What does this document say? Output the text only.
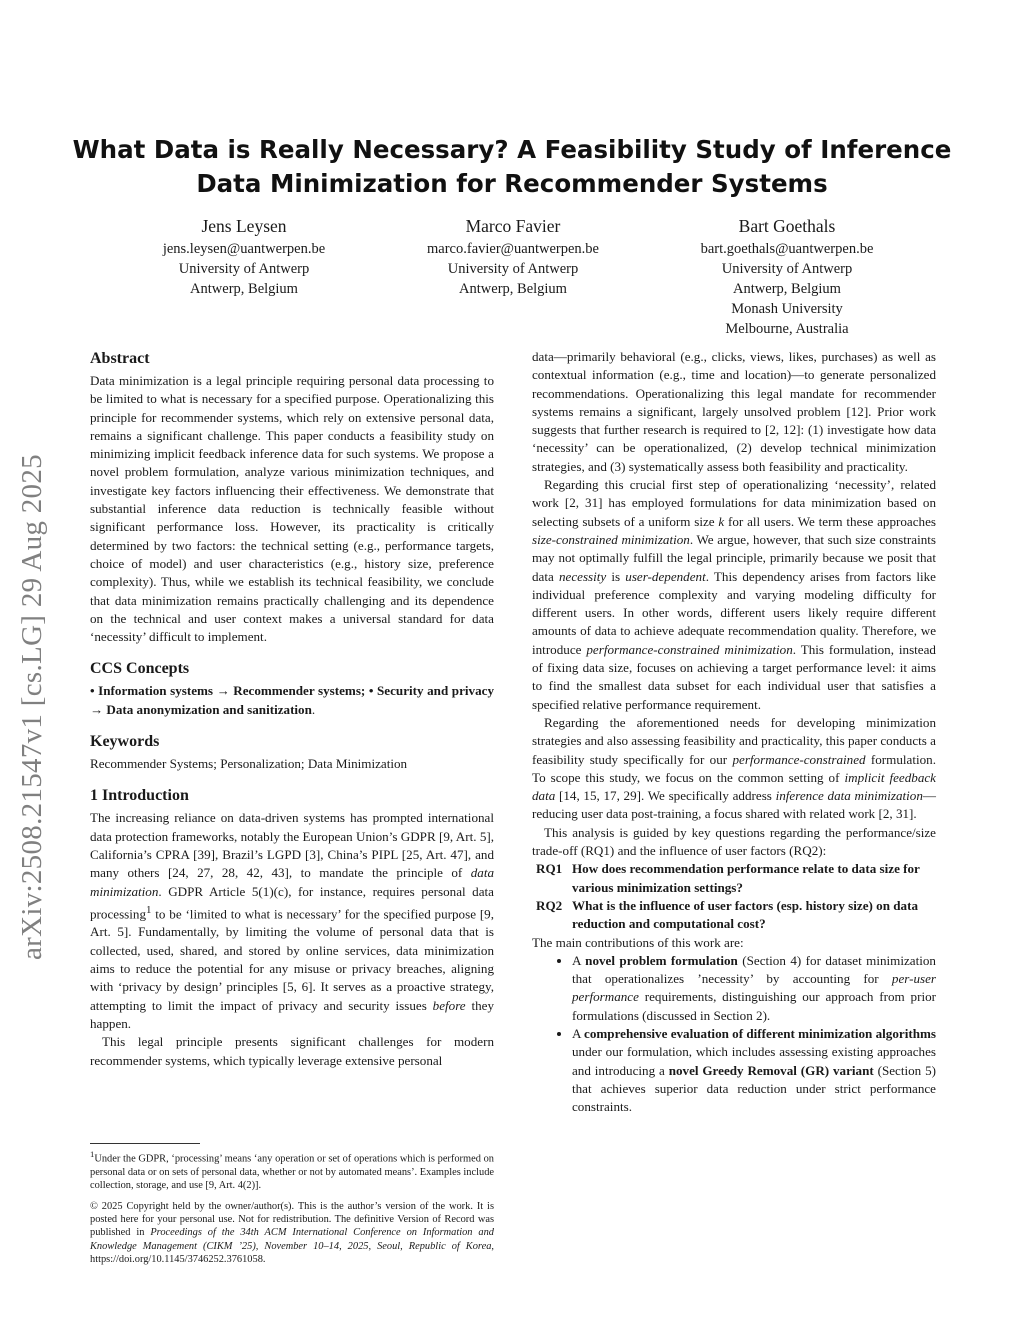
arXiv:2508.21547v1 [cs.LG] 29 Aug 2025
What Data is Really Necessary? A Feasibility Study of Inference Data Minimization for Recommender Systems
Jens Leysen
jens.leysen@uantwerpen.be
University of Antwerp
Antwerp, Belgium
Marco Favier
marco.favier@uantwerpen.be
University of Antwerp
Antwerp, Belgium
Bart Goethals
bart.goethals@uantwerpen.be
University of Antwerp
Antwerp, Belgium
Monash University
Melbourne, Australia
Abstract

Data minimization is a legal principle requiring personal data processing to be limited to what is necessary for a specified purpose. Operationalizing this principle for recommender systems, which rely on extensive personal data, remains a significant challenge. This paper conducts a feasibility study on minimizing implicit feedback inference data for such systems. We propose a novel problem formulation, analyze various minimization techniques, and investigate key factors influencing their effectiveness. We demonstrate that substantial inference data reduction is technically feasible without significant performance loss. However, its practicality is critically determined by two factors: the technical setting (e.g., performance targets, choice of model) and user characteristics (e.g., history size, preference complexity). Thus, while we establish its technical feasibility, we conclude that data minimization remains practically challenging and its dependence on the technical and user context makes a universal standard for data ‘necessity’ difficult to implement.

CCS Concepts

• Information systems → Recommender systems; • Security and privacy → Data anonymization and sanitization.

Keywords

Recommender Systems; Personalization; Data Minimization

1 Introduction

The increasing reliance on data-driven systems has prompted international data protection frameworks, notably the European Union’s GDPR [9, Art. 5], California’s CPRA [39], Brazil’s LGPD [3], China’s PIPL [25, Art. 47], and many others [24, 27, 28, 42, 43], to mandate the principle of data minimization. GDPR Article 5(1)(c), for instance, requires personal data processing$^1$ to be ‘limited to what is necessary’ for the specified purpose [9, Art. 5]. Fundamentally, by limiting the volume of personal data that is collected, used, shared, and stored by online services, data minimization aims to reduce the potential for any misuse or privacy breaches, aligning with ‘privacy by design’ principles [5, 6]. It serves as a proactive strategy, attempting to limit the impact of privacy and security issues before they happen.

This legal principle presents significant challenges for modern recommender systems, which typically leverage extensive personal

data—primarily behavioral (e.g., clicks, views, likes, purchases) as well as contextual information (e.g., time and location)—to generate personalized recommendations. Operationalizing this legal mandate for recommender systems remains a significant, largely unsolved problem [12]. Prior work suggests that further research is required to [2, 12]: (1) investigate how data ‘necessity’ can be operationalized, (2) develop technical minimization strategies, and (3) systematically assess both feasibility and practicality.

Regarding this crucial first step of operationalizing ‘necessity’, related work [2, 31] has employed formulations for data minimization based on selecting subsets of a uniform size k for all users. We term these approaches size-constrained minimization. We argue, however, that such size constraints may not optimally fulfill the legal principle, primarily because we posit that data necessity is user-dependent. This dependency arises from factors like individual preference complexity and varying modeling difficulty for different users. In other words, different users likely require different amounts of data to achieve adequate recommendation quality. Therefore, we introduce performance-constrained minimization. This formulation, instead of fixing data size, focuses on achieving a target performance level: it aims to find the smallest data subset for each individual user that satisfies a specified relative performance requirement.

Regarding the aforementioned needs for developing minimization strategies and also assessing feasibility and practicality, this paper conducts a feasibility study specifically for our performance-constrained formulation. To scope this study, we focus on the common setting of implicit feedback data [14, 15, 17, 29]. We specifically address inference data minimization—reducing user data post-training, a focus shared with related work [2, 31].

This analysis is guided by key questions regarding the performance/size trade-off (RQ1) and the influence of user factors (RQ2):

RQ1 How does recommendation performance relate to data size for various minimization settings?
RQ2 What is the influence of user factors (esp. history size) on data reduction and computational cost?

The main contributions of this work are:

• A novel problem formulation (Section 4) for dataset minimization that operationalizes ’necessity’ by accounting for per-user performance requirements, distinguishing our approach from prior formulations (discussed in Section 2).
• A comprehensive evaluation of different minimization algorithms under our formulation, which includes assessing existing approaches and introducing a novel Greedy Removal (GR) variant (Section 5) that achieves superior data reduction under strict performance constraints.

$^1$Under the GDPR, ‘processing’ means ‘any operation or set of operations which is performed on personal data or on sets of personal data, whether or not by automated means’. Examples include collection, storage, and use [9, Art. 4(2)].

© 2025 Copyright held by the owner/author(s). This is the author’s version of the work. It is posted here for your personal use. Not for redistribution. The definitive Version of Record was published in Proceedings of the 34th ACM International Conference on Information and Knowledge Management (CIKM ’25), November 10–14, 2025, Seoul, Republic of Korea, https://doi.org/10.1145/3746252.3761058.
